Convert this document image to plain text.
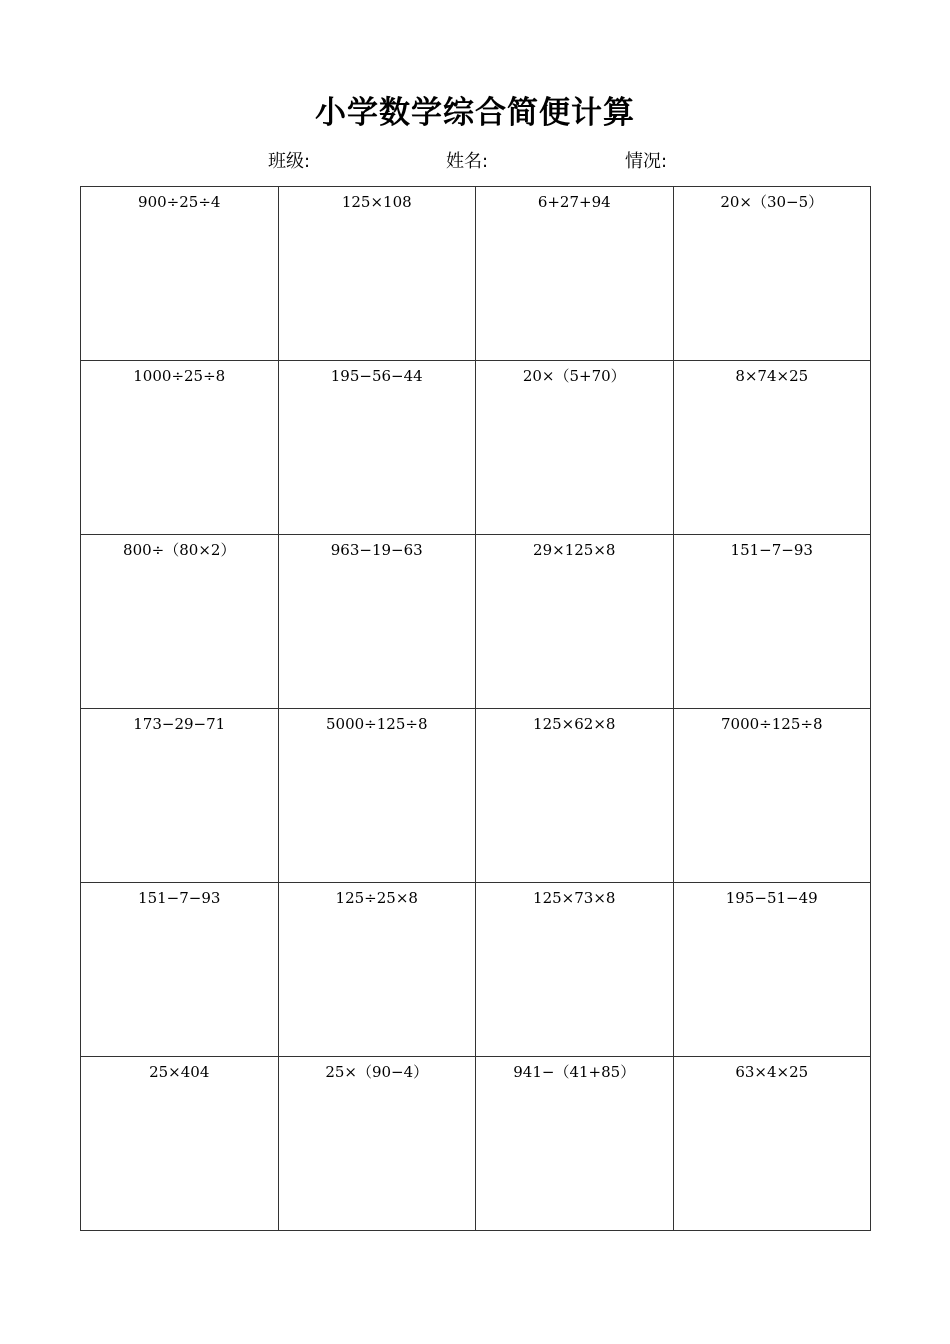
小学数学综合简便计算
班级:	姓名:	情况:
900÷25÷4	125×108	6+27+94	20×（30−5）

1000÷25÷8	195−56−44	20×（5+70）	8×74×25

800÷（80×2）	963−19−63	29×125×8	151−7−93

173−29−71	5000÷125÷8	125×62×8	7000÷125÷8

151−7−93	125÷25×8	125×73×8	195−51−49

25×404	25×（90−4）	941−（41+85）	63×4×25
